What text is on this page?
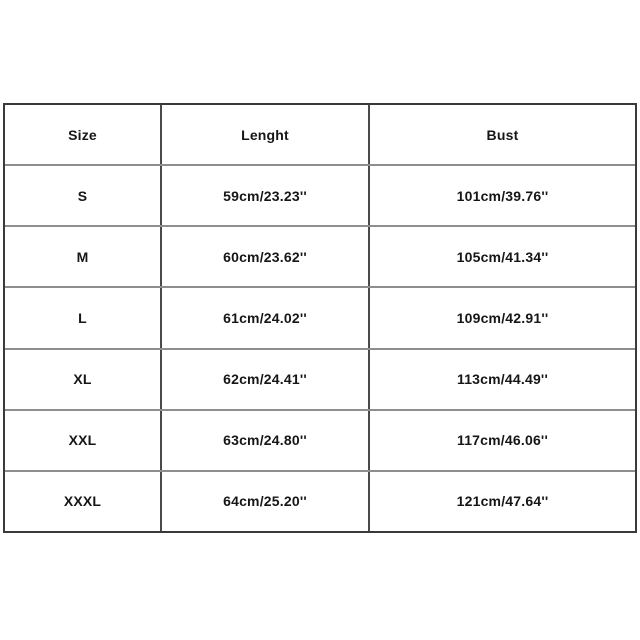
Size	Lenght	Bust
S	59cm/23.23''	101cm/39.76''
M	60cm/23.62''	105cm/41.34''
L	61cm/24.02''	109cm/42.91''
XL	62cm/24.41''	113cm/44.49''
XXL	63cm/24.80''	117cm/46.06''
XXXL	64cm/25.20''	121cm/47.64''
